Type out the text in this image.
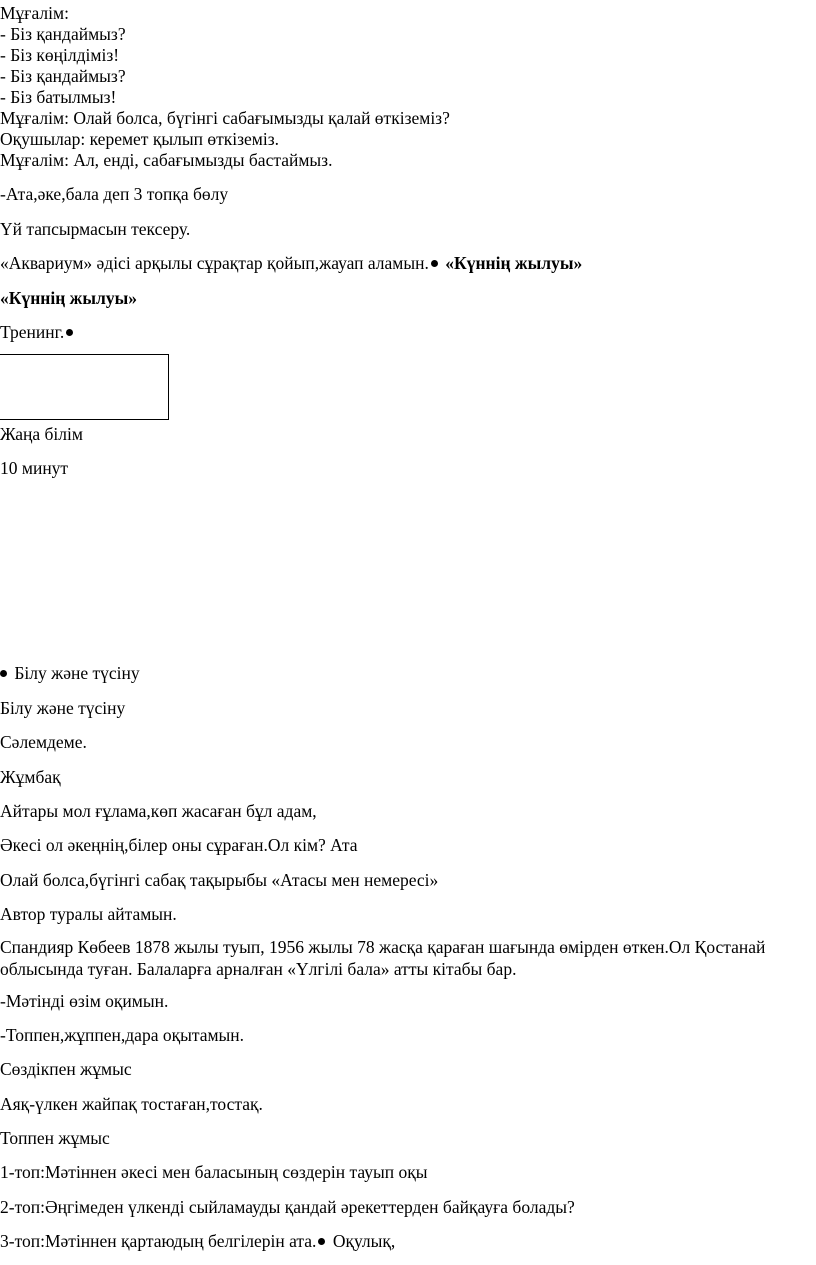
Мұғалім:
- Біз қандаймыз?
- Біз көңілдіміз!
- Біз қандаймыз?
- Біз батылмыз!
Мұғалім: Олай болса, бүгінгі сабағымызды қалай өткіземіз?
Оқушылар: керемет қылып өткіземіз.
Мұғалім: Ал, енді, сабағымызды бастаймыз.
-Ата,әке,бала деп 3 топқа бөлу
Үй тапсырмасын тексеру.
«Аквариум» әдісі арқылы сұрақтар қойып,жауап аламын. «Күннің жылуы»
«Күннің жылуы»
Тренинг.
Жаңа білім
10 минут
Білу және түсіну
Білу және түсіну
Сәлемдеме.
Жұмбақ
Айтары мол ғұлама,көп жасаған бұл адам,
Әкесі ол әкеңнің,білер оны сұраған.Ол кім? Ата
Олай болса,бүгінгі сабақ тақырыбы «Атасы мен немересі»
Автор туралы айтамын.
Спандияр Көбеев 1878 жылы туып, 1956 жылы 78 жасқа қараған шағында өмірден өткен.Ол Қостанай облысында туған. Балаларға арналған «Үлгілі бала» атты кітабы бар.
-Мәтінді өзім оқимын.
-Топпен,жұппен,дара оқытамын.
Сөздікпен жұмыс
Аяқ-үлкен жайпақ тостаған,тостақ.
Топпен жұмыс
1-топ:Мәтіннен әкесі мен баласының сөздерін тауып оқы
2-топ:Әңгімеден үлкенді сыйламауды қандай әрекеттерден байқауға болады?
3-топ:Мәтіннен қартаюдың белгілерін ата. Оқулық,
